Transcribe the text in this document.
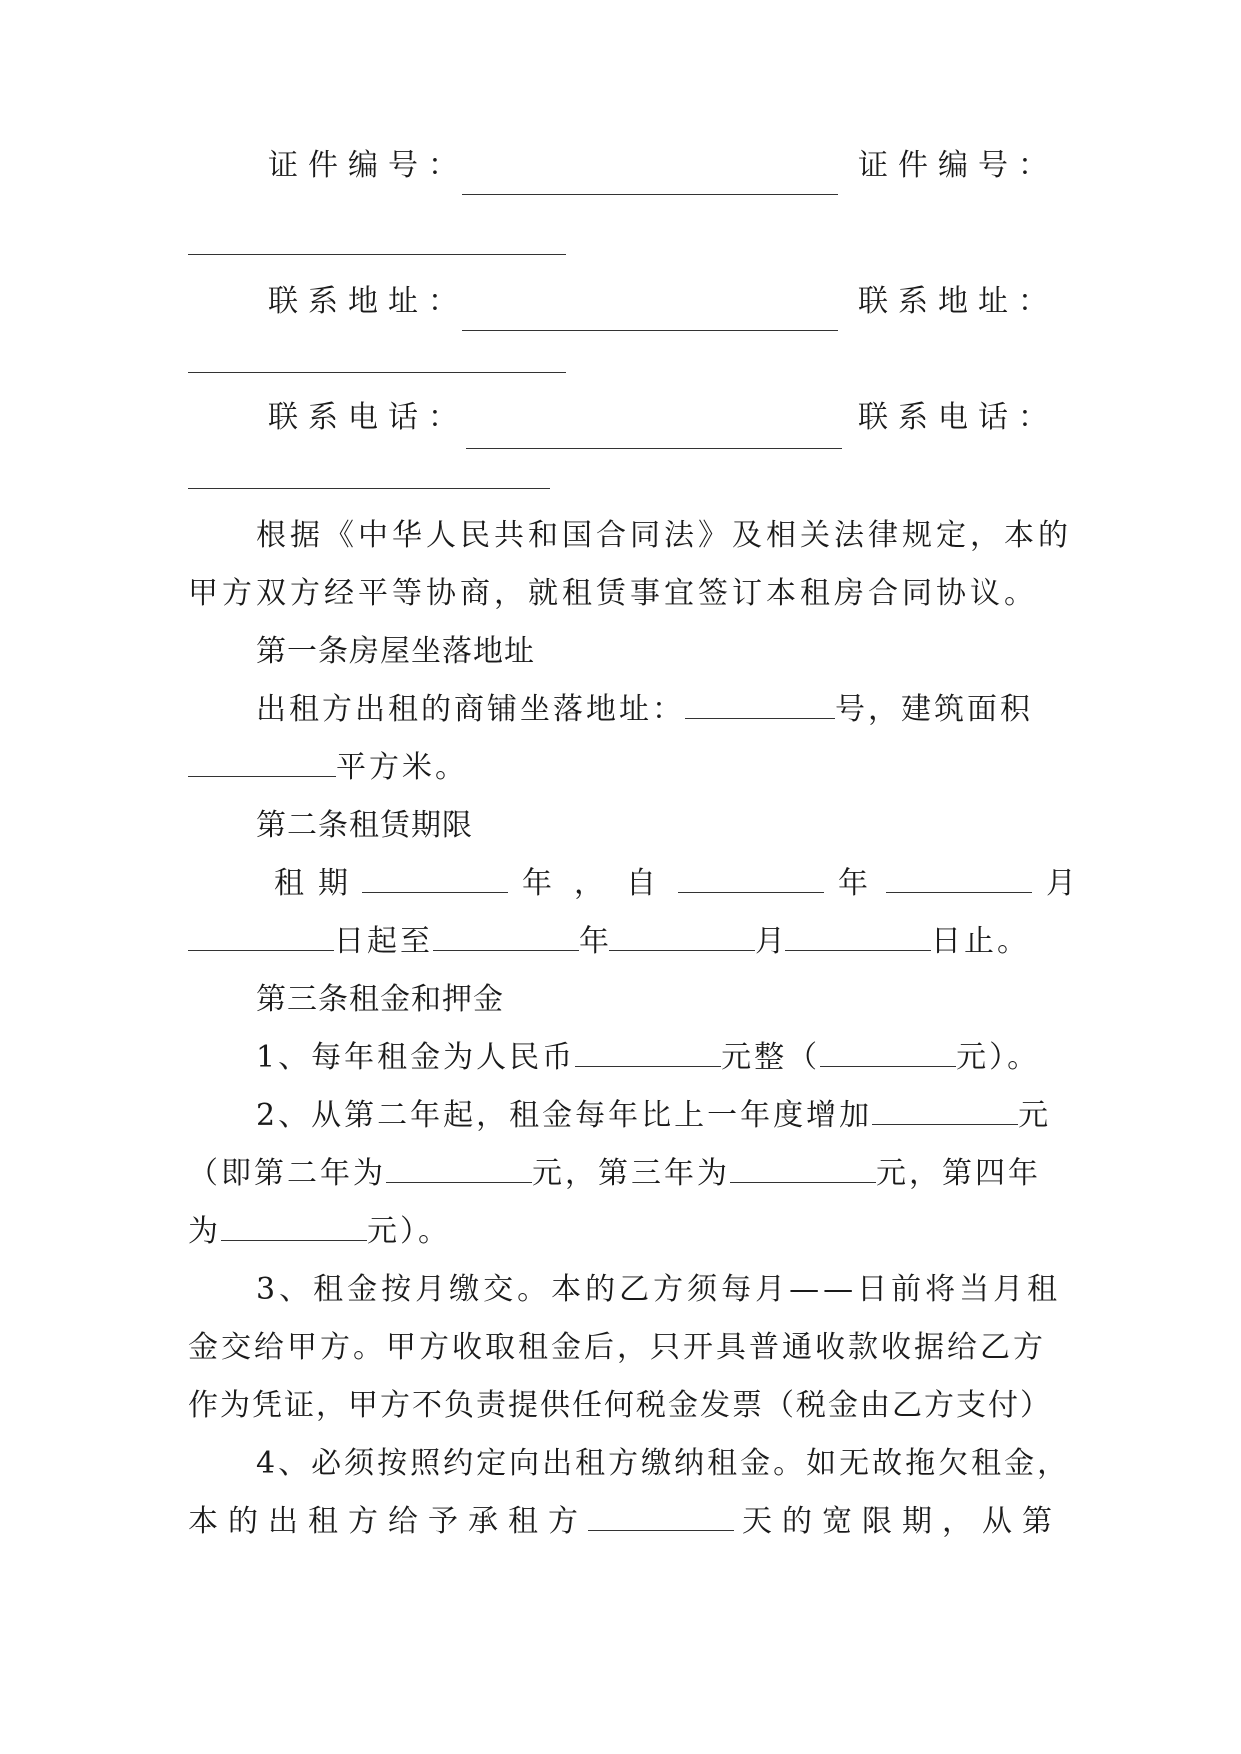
证件编号：	证件编号：
联系地址：	联系地址：
联系电话：	联系电话：
根据《中华人民共和国合同法》及相关法律规定，本的
甲方双方经平等协商，就租赁事宜签订本租房合同协议。
第一条房屋坐落地址
出租方出租的商铺坐落地址：	号，建筑面积
平方米。
第二条租赁期限
租期	年，自	年	月
日起至	年	月	日止。
第三条租金和押金
1、每年租金为人民币	元整（	元）。
2、从第二年起，租金每年比上一年度增加	元
（即第二年为	元，第三年为	元，第四年
为	元）。
3、租金按月缴交。本的乙方须每月——日前将当月租
金交给甲方。甲方收取租金后，只开具普通收款收据给乙方
作为凭证，甲方不负责提供任何税金发票（税金由乙方支付）
4、必须按照约定向出租方缴纳租金。如无故拖欠租金，
本的出租方给予承租方	天的宽限期，从第
